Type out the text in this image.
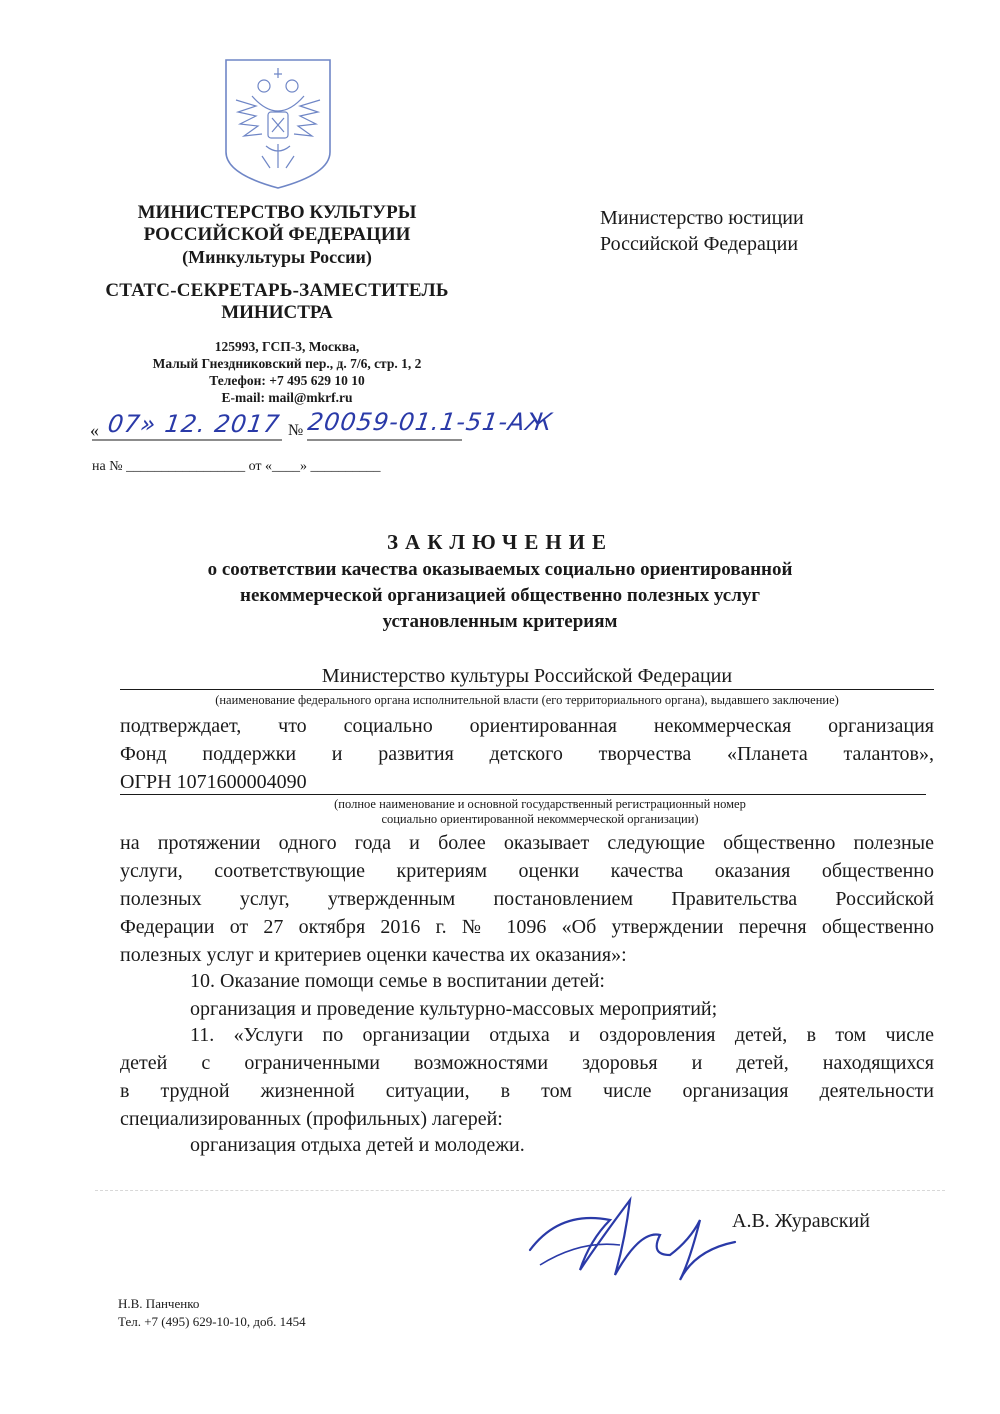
МИНИСТЕРСТВО КУЛЬТУРЫ
РОССИЙСКОЙ ФЕДЕРАЦИИ
(Минкультуры России)
СТАТС-СЕКРЕТАРЬ-ЗАМЕСТИТЕЛЬ
МИНИСТРА
125993, ГСП-3, Москва,
Малый Гнездниковский пер., д. 7/6, стр. 1, 2
Телефон: +7 495 629 10 10
E-mail: mail@mkrf.ru
Министерство юстиции
Российской Федерации
« 07» 12. 2017 № 20059-01.1-51-АЖ
на № _________________ от «____» __________
ЗАКЛЮЧЕНИЕ
о соответствии качества оказываемых социально ориентированной
некоммерческой организацией общественно полезных услуг
установленным критериям
Министерство культуры Российской Федерации
(наименование федерального органа исполнительной власти (его территориального органа), выдавшего заключение)
подтверждает, что социально ориентированная некоммерческая организация
Фонд поддержки и развития детского творчества «Планета талантов»,
ОГРН 1071600004090
(полное наименование и основной государственный регистрационный номер
социально ориентированной некоммерческой организации)
на протяжении одного года и более оказывает следующие общественно полезные
услуги, соответствующие критериям оценки качества оказания общественно
полезных услуг, утвержденным постановлением Правительства Российской
Федерации от 27 октября 2016 г. № 1096 «Об утверждении перечня общественно
полезных услуг и критериев оценки качества их оказания»:
10. Оказание помощи семье в воспитании детей:
организация и проведение культурно-массовых мероприятий;
11. «Услуги по организации отдыха и оздоровления детей, в том числе
детей с ограниченными возможностями здоровья и детей, находящихся
в трудной жизненной ситуации, в том числе организация деятельности
специализированных (профильных) лагерей:
организация отдыха детей и молодежи.
А.В. Журавский
Н.В. Панченко
Тел. +7 (495) 629-10-10, доб. 1454
